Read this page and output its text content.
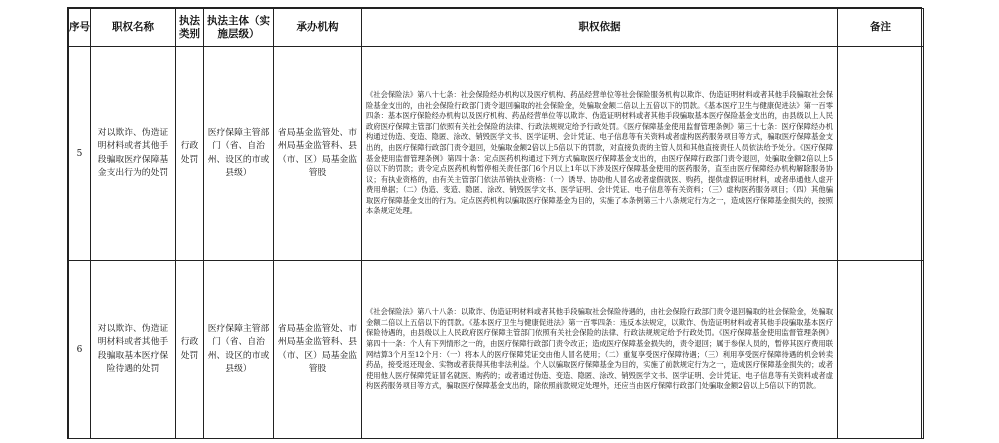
序号	职权名称	执法类别	执法主体（实施层级）	承办机构	职权依据	备注
5	对以欺诈、伪造证明材料或者其他手段骗取医疗保障基金支出行为的处罚	行政处罚	医疗保障主管部门（省、自治州、设区的市或县级）	省局基金监管处、市州局基金监管科、县（市、区）局基金监管股	《社会保险法》第八十七条：社会保险经办机构以及医疗机构、药品经营单位等社会保险服务机构以欺诈、伪造证明材料或者其他手段骗取社会保险基金支出的，由社会保险行政部门责令退回骗取的社会保险金，处骗取金额二倍以上五倍以下的罚款。《基本医疗卫生与健康促进法》第一百零四条：基本医疗保险经办机构以及医疗机构、药品经营单位等以欺诈、伪造证明材料或者其他手段骗取基本医疗保险基金支出的，由县级以上人民政府医疗保障主管部门依照有关社会保险的法律、行政法规规定给予行政处罚。《医疗保障基金使用监督管理条例》第三十七条：医疗保障经办机构通过伪造、变造、隐匿、涂改、销毁医学文书、医学证明、会计凭证、电子信息等有关资料或者虚构医药服务项目等方式，骗取医疗保障基金支出的，由医疗保障行政部门责令退回，处骗取金额2倍以上5倍以下的罚款，对直接负责的主管人员和其他直接责任人员依法给予处分。《医疗保障基金使用监督管理条例》第四十条：定点医药机构通过下列方式骗取医疗保障基金支出的，由医疗保障行政部门责令退回，处骗取金额2倍以上5倍以下的罚款；责令定点医药机构暂停相关责任部门6个月以上1年以下涉及医疗保障基金使用的医药服务，直至由医疗保障经办机构解除服务协议；有执业资格的，由有关主管部门依法吊销执业资格：（一）诱导、协助他人冒名或者虚假就医、购药，提供虚假证明材料，或者串通他人虚开费用单据；（二）伪造、变造、隐匿、涂改、销毁医学文书、医学证明、会计凭证、电子信息等有关资料；（三）虚构医药服务项目；（四）其他骗取医疗保障基金支出的行为。定点医药机构以骗取医疗保障基金为目的，实施了本条例第三十八条规定行为之一，造成医疗保障基金损失的，按照本条规定处理。	
6	对以欺诈、伪造证明材料或者其他手段骗取基本医疗保险待遇的处罚	行政处罚	医疗保障主管部门（省、自治州、设区的市或县级）	省局基金监管处、市州局基金监管科、县（市、区）局基金监管股	《社会保险法》第八十八条：以欺诈、伪造证明材料或者其他手段骗取社会保险待遇的，由社会保险行政部门责令退回骗取的社会保险金，处骗取金额二倍以上五倍以下的罚款。《基本医疗卫生与健康促进法》第一百零四条：违反本法规定，以欺诈、伪造证明材料或者其他手段骗取基本医疗保险待遇的，由县级以上人民政府医疗保障主管部门依照有关社会保险的法律、行政法规规定给予行政处罚。《医疗保障基金使用监督管理条例》第四十一条：个人有下列情形之一的，由医疗保障行政部门责令改正；造成医疗保障基金损失的，责令退回；属于参保人员的，暂停其医疗费用联网结算3个月至12个月：（一）将本人的医疗保障凭证交由他人冒名使用；（二）重复享受医疗保障待遇；（三）利用享受医疗保障待遇的机会转卖药品，接受返还现金、实物或者获得其他非法利益。个人以骗取医疗保障基金为目的，实施了前款规定行为之一，造成医疗保障基金损失的；或者使用他人医疗保障凭证冒名就医、购药的；或者通过伪造、变造、隐匿、涂改、销毁医学文书、医学证明、会计凭证、电子信息等有关资料或者虚构医药服务项目等方式，骗取医疗保障基金支出的，除依照前款规定处理外，还应当由医疗保障行政部门处骗取金额2倍以上5倍以下的罚款。	
